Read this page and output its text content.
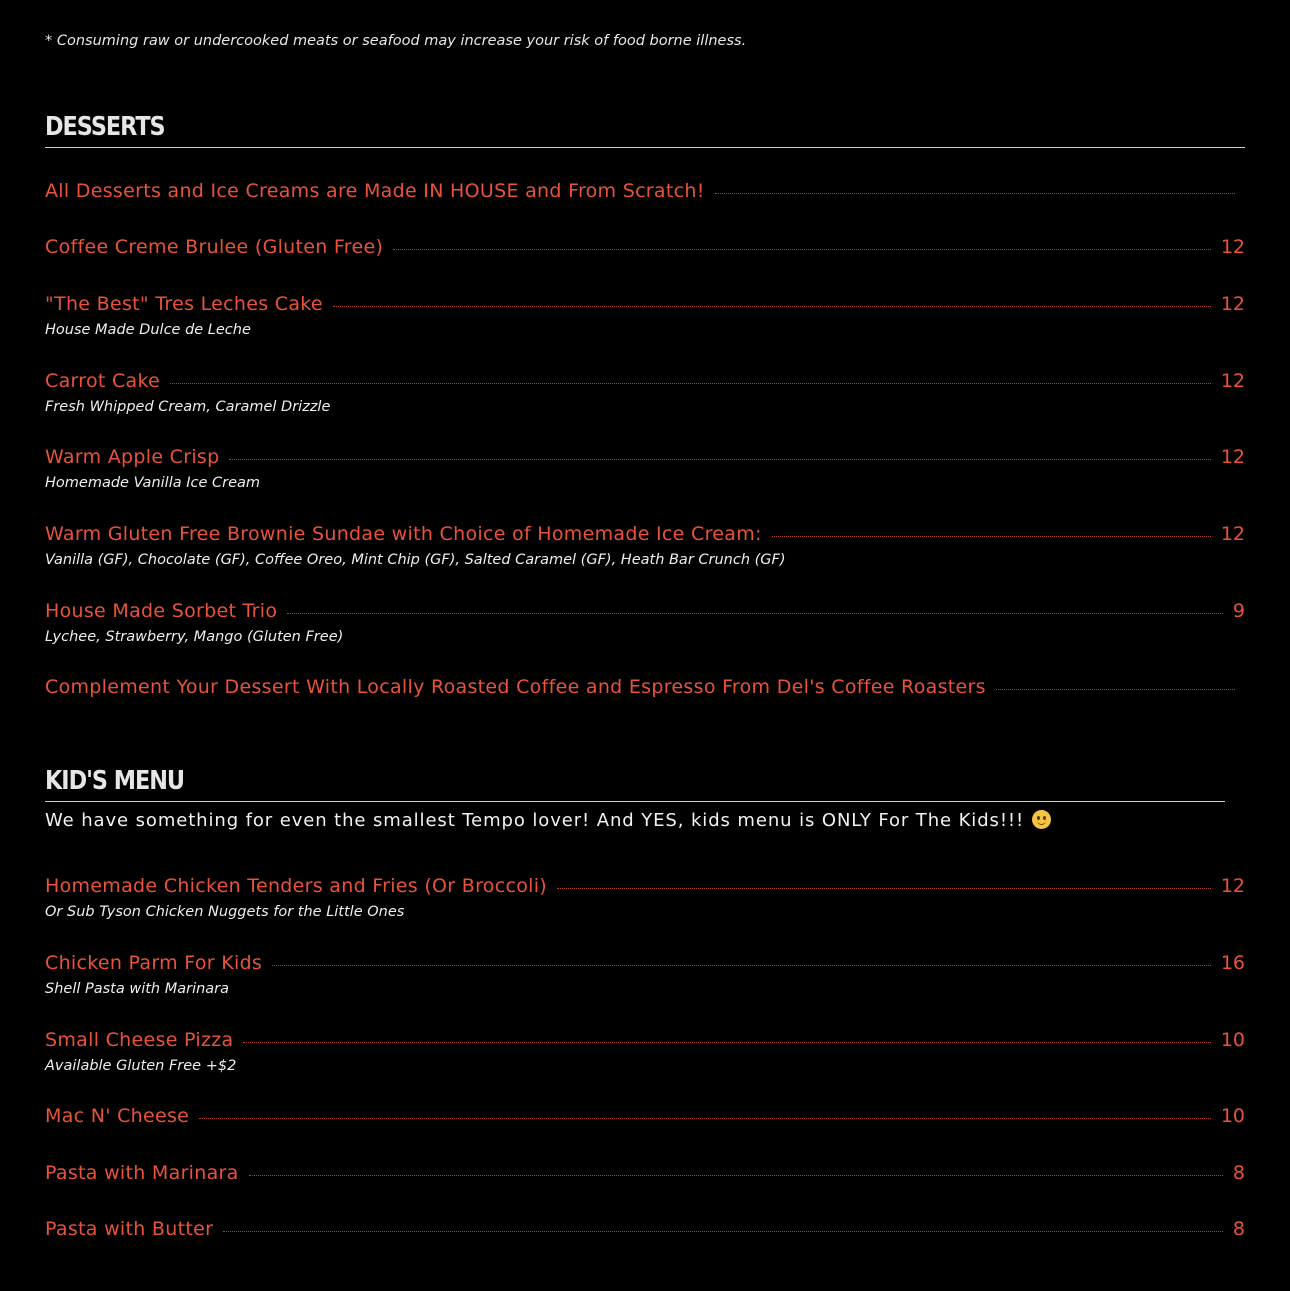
* Consuming raw or undercooked meats or seafood may increase your risk of food borne illness.
DESSERTS
All Desserts and Ice Creams are Made IN HOUSE and From Scratch!
Coffee Creme Brulee (Gluten Free)	12
"The Best" Tres Leches Cake	12
House Made Dulce de Leche
Carrot Cake	12
Fresh Whipped Cream, Caramel Drizzle
Warm Apple Crisp	12
Homemade Vanilla Ice Cream
Warm Gluten Free Brownie Sundae with Choice of Homemade Ice Cream:	12
Vanilla (GF), Chocolate (GF), Coffee Oreo, Mint Chip (GF), Salted Caramel (GF), Heath Bar Crunch (GF)
House Made Sorbet Trio	9
Lychee, Strawberry, Mango (Gluten Free)
Complement Your Dessert With Locally Roasted Coffee and Espresso From Del's Coffee Roasters
KID'S MENU
We have something for even the smallest Tempo lover! And YES, kids menu is ONLY For The Kids!!!
Homemade Chicken Tenders and Fries (Or Broccoli)	12
Or Sub Tyson Chicken Nuggets for the Little Ones
Chicken Parm For Kids	16
Shell Pasta with Marinara
Small Cheese Pizza	10
Available Gluten Free +$2
Mac N' Cheese	10
Pasta with Marinara	8
Pasta with Butter	8
